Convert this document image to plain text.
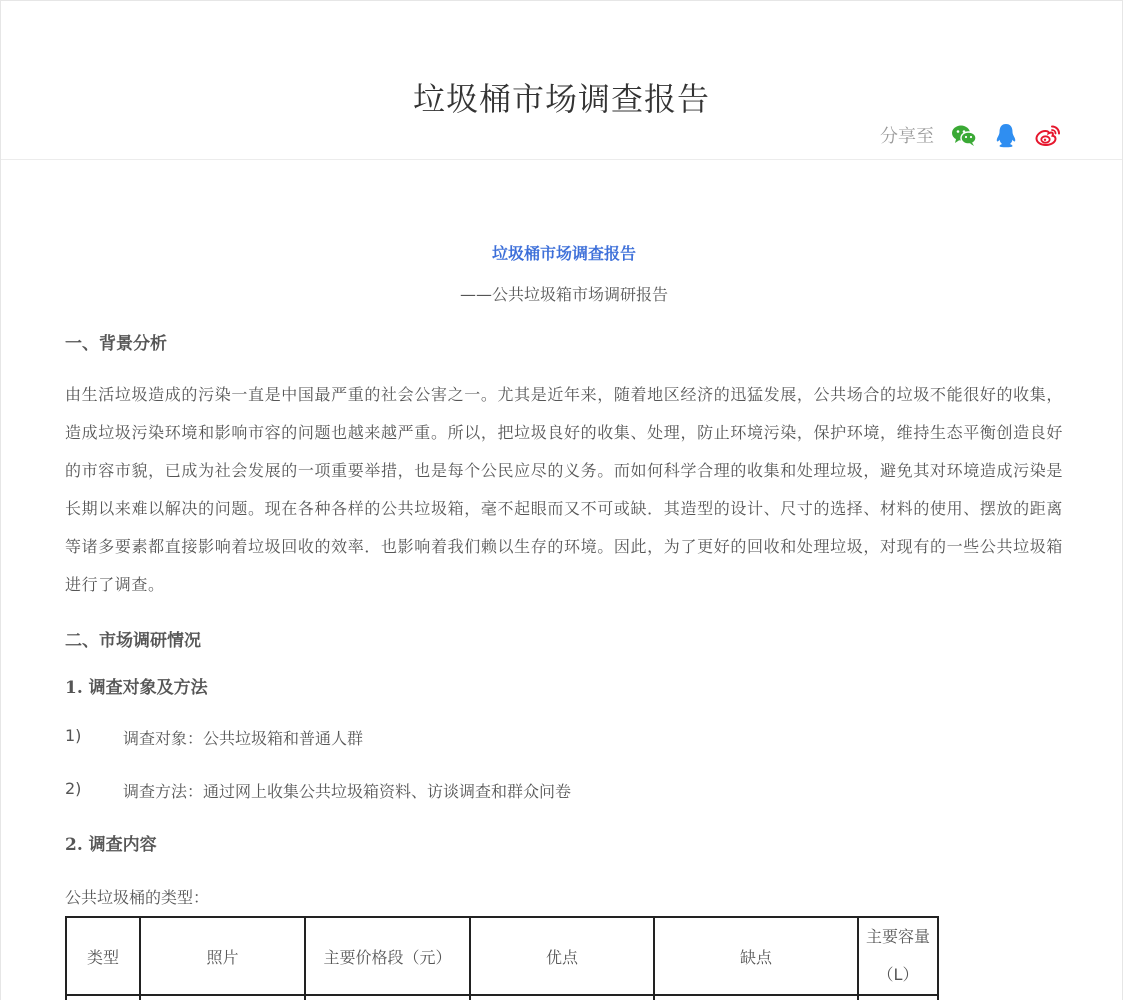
垃圾桶市场调查报告
分享至
垃圾桶市场调查报告
——公共垃圾箱市场调研报告
一、背景分析
由生活垃圾造成的污染一直是中国最严重的社会公害之一。尤其是近年来，随着地区经济的迅猛发展，公共场合的垃圾不能很好的收集，造成垃圾污染环境和影响市容的问题也越来越严重。所以，把垃圾良好的收集、处理，防止环境污染，保护环境，维持生态平衡创造良好的市容市貌，已成为社会发展的一项重要举措，也是每个公民应尽的义务。而如何科学合理的收集和处理垃圾，避免其对环境造成污染是长期以来难以解决的问题。现在各种各样的公共垃圾箱，毫不起眼而又不可或缺．其造型的设计、尺寸的选择、材料的使用、摆放的距离等诸多要素都直接影响着垃圾回收的效率．也影响着我们赖以生存的环境。因此，为了更好的回收和处理垃圾，对现有的一些公共垃圾箱进行了调查。
二、市场调研情况
1. 调查对象及方法
1)	调查对象：公共垃圾箱和普通人群
2)	调查方法：通过网上收集公共垃圾箱资料、访谈调查和群众问卷
2. 调查内容
公共垃圾桶的类型：
类型	照片	主要价格段（元）	优点	缺点	主要容量（L）
